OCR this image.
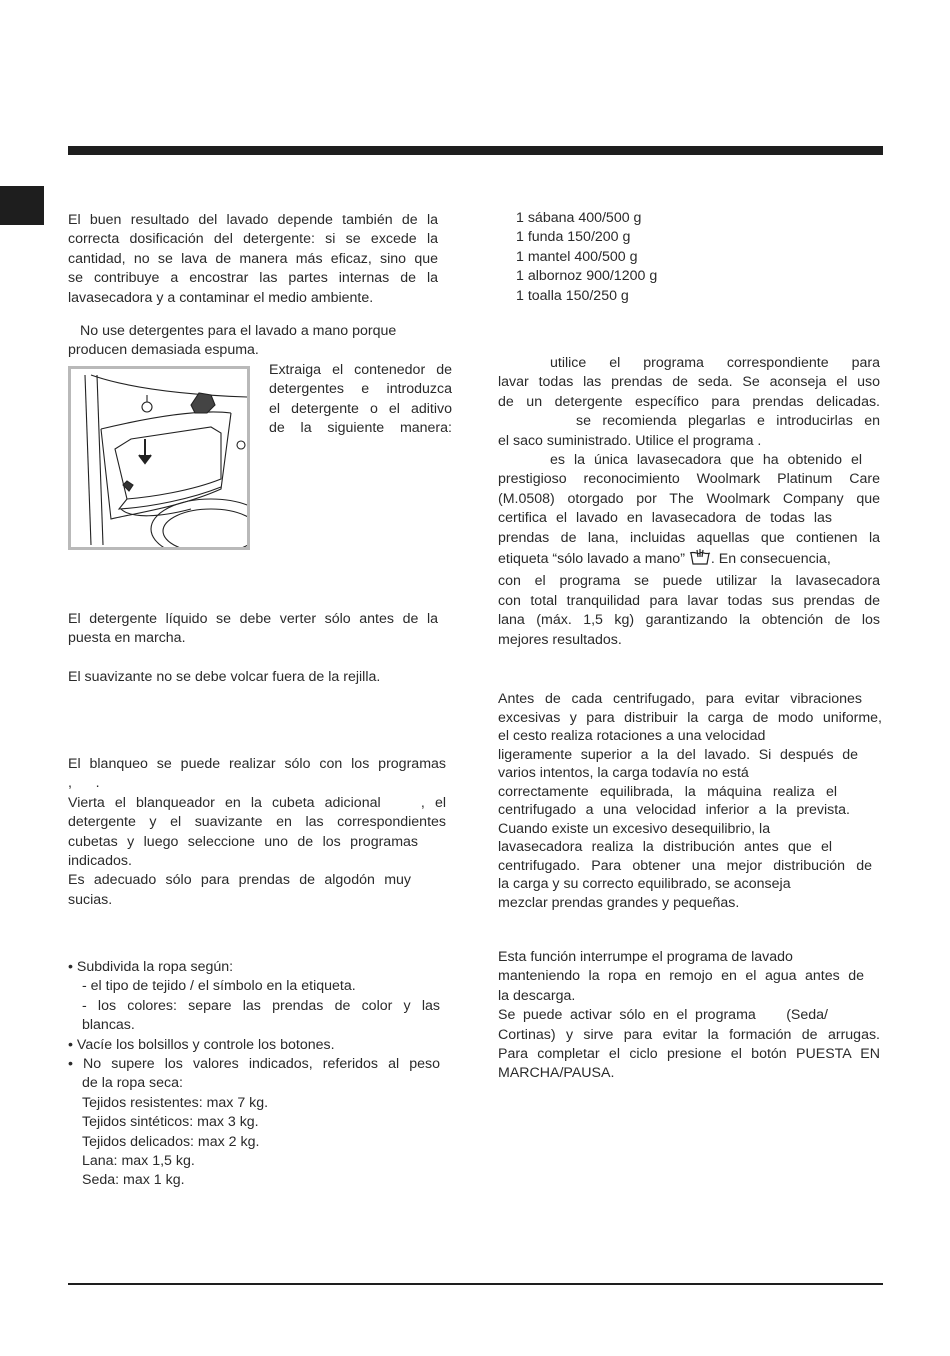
El buen resultado del lavado depende también de la
correcta dosificación del detergente: si se excede la
cantidad, no se lava de manera más eficaz, sino que
se contribuye a encostrar las partes internas de la
lavasecadora y a contaminar el medio ambiente.
No use detergentes para el lavado a mano porque
producen demasiada espuma.
Extraiga el contenedor de
detergentes e introduzca
el detergente o el aditivo
de la siguiente manera:
El detergente líquido se debe verter sólo antes de la
puesta en marcha.
El suavizante no se debe volcar fuera de la rejilla.
El blanqueo se puede realizar sólo con los programas
,      .
Vierta el blanqueador en la cubeta adicional    , el
detergente y el suavizante en las correspondientes
cubetas y luego seleccione uno de los programas
indicados.
Es adecuado sólo para prendas de algodón muy
sucias.
• Subdivida la ropa según:
- el tipo de tejido / el símbolo en la etiqueta.
- los colores: separe las prendas de color y las
blancas.
• Vacíe los bolsillos y controle los botones.
• No supere los valores indicados, referidos al peso
de la ropa seca:
Tejidos resistentes: max 7 kg.
Tejidos sintéticos: max 3 kg.
Tejidos delicados: max 2 kg.
Lana: max 1,5 kg.
Seda: max 1 kg.
1 sábana 400/500 g
1 funda 150/200 g
1 mantel 400/500 g
1 albornoz 900/1200 g
1 toalla 150/250 g
utilice el programa correspondiente para
lavar todas las prendas de seda. Se aconseja el uso
de un detergente específico para prendas delicadas.
se recomienda plegarlas e introducirlas en
el saco suministrado. Utilice el programa .
es la única lavasecadora que ha obtenido el
prestigioso reconocimiento Woolmark Platinum Care
(M.0508) otorgado por The Woolmark Company que
certifica el lavado en lavasecadora de todas las
prendas de lana, incluidas aquellas que contienen la
etiqueta “sólo lavado a mano” . En consecuencia,
con el programa se puede utilizar la lavasecadora
con total tranquilidad para lavar todas sus prendas de
lana (máx. 1,5 kg) garantizando la obtención de los
mejores resultados.
Antes de cada centrifugado, para evitar vibraciones
excesivas y para distribuir la carga de modo uniforme,
el cesto realiza rotaciones a una velocidad
ligeramente superior a la del lavado. Si después de
varios intentos, la carga todavía no está
correctamente equilibrada, la máquina realiza el
centrifugado a una velocidad inferior a la prevista.
Cuando existe un excesivo desequilibrio, la
lavasecadora realiza la distribución antes que el
centrifugado. Para obtener una mejor distribución de
la carga y su correcto equilibrado, se aconseja
mezclar prendas grandes y pequeñas.
Esta función interrumpe el programa de lavado
manteniendo la ropa en remojo en el agua antes de
la descarga.
Se puede activar sólo en el programa    (Seda/
Cortinas) y sirve para evitar la formación de arrugas.
Para completar el ciclo presione el botón PUESTA EN
MARCHA/PAUSA.
